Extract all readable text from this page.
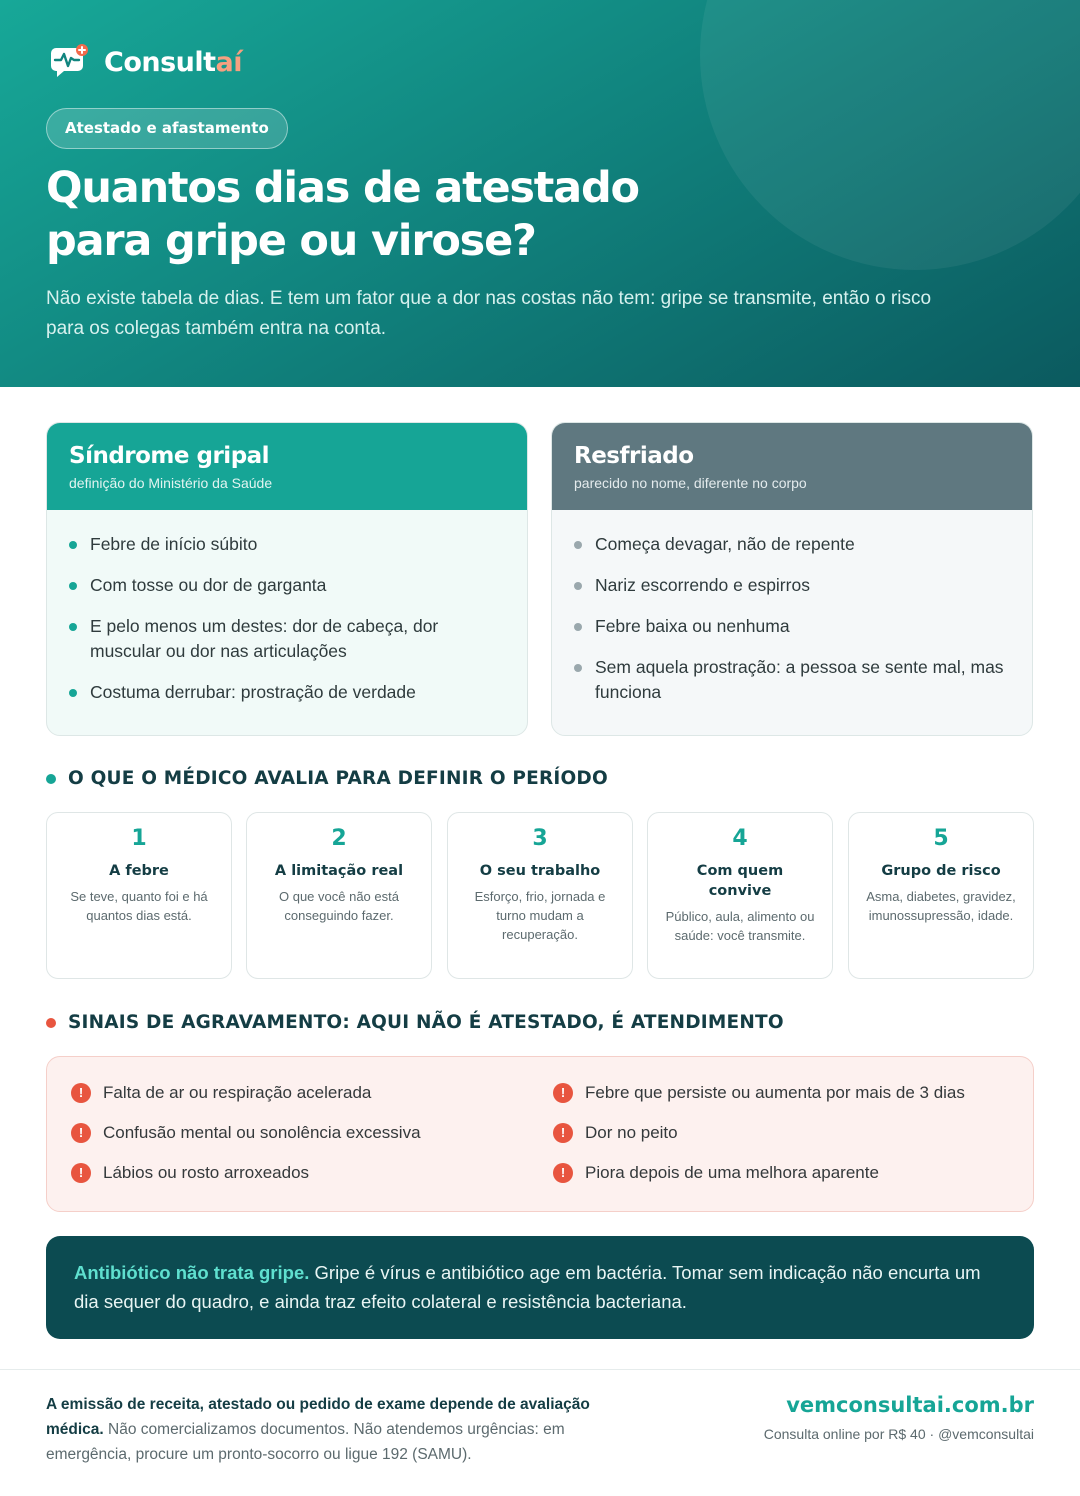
Consultaí
Atestado e afastamento
Quantos dias de atestado
para gripe ou virose?

Não existe tabela de dias. E tem um fator que a dor nas costas não tem: gripe se transmite, então o risco para os colegas também entra na conta.

Síndrome gripal
definição do Ministério da Saúde
Febre de início súbito
Com tosse ou dor de garganta
E pelo menos um destes: dor de cabeça, dor muscular ou dor nas articulações
Costuma derrubar: prostração de verdade
Resfriado
parecido no nome, diferente no corpo
Começa devagar, não de repente
Nariz escorrendo e espirros
Febre baixa ou nenhuma
Sem aquela prostração: a pessoa se sente mal, mas funciona
O QUE O MÉDICO AVALIA PARA DEFINIR O PERÍODO
1
A febre
Se teve, quanto foi e há quantos dias está.
2
A limitação real
O que você não está conseguindo fazer.
3
O seu trabalho
Esforço, frio, jornada e turno mudam a recuperação.
4
Com quem convive
Público, aula, alimento ou saúde: você transmite.
5
Grupo de risco
Asma, diabetes, gravidez, imunossupressão, idade.
SINAIS DE AGRAVAMENTO: AQUI NÃO É ATESTADO, É ATENDIMENTO
!	Falta de ar ou respiração acelerada
!	Confusão mental ou sonolência excessiva
!	Lábios ou rosto arroxeados
!	Febre que persiste ou aumenta por mais de 3 dias
!	Dor no peito
!	Piora depois de uma melhora aparente
Antibiótico não trata gripe. Gripe é vírus e antibiótico age em bactéria. Tomar sem indicação não encurta um dia sequer do quadro, e ainda traz efeito colateral e resistência bacteriana.
A emissão de receita, atestado ou pedido de exame depende de avaliação médica. Não comercializamos documentos. Não atendemos urgências: em emergência, procure um pronto-socorro ou ligue 192 (SAMU).
vemconsultai.com.br
Consulta online por R$ 40 · @vemconsultai
